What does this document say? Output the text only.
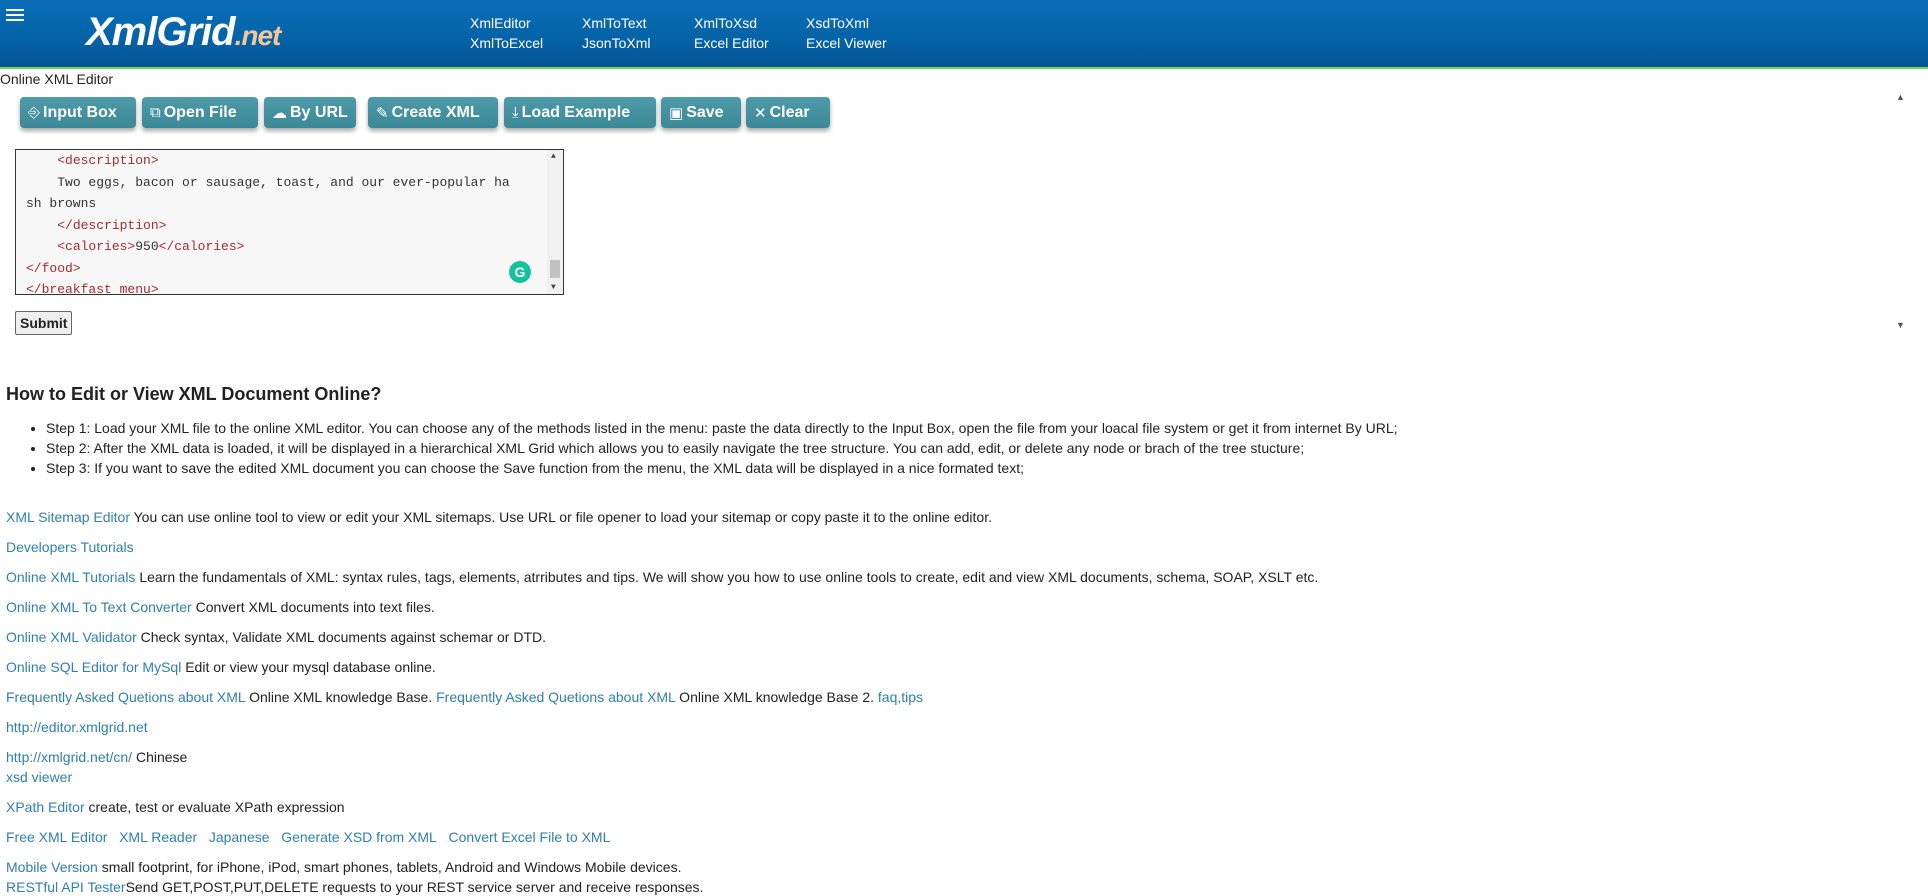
XmlGrid.net	XmlEditor
XmlToExcel
XmlToText
JsonToXml
XmlToXsd
Excel Editor
XsdToXml
Excel Viewer
Online XML Editor
▲
▼
⎆ Input Box ⧉ Open File ☁ By URL ✎ Create XML ⤓ Load Example	▣ Save ✕ Clear
<description>
Two eggs, bacon or sausage, toast, and our ever-popular ha
sh browns
</description>
<calories>950</calories>
</food>
</breakfast_menu>
▲
▼
G
Submit
How to Edit or View XML Document Online?
• Step 1: Load your XML file to the online XML editor. You can choose any of the methods listed in the menu: paste the data directly to the Input Box, open the file from your loacal file system or get it from internet By URL;
• Step 2: After the XML data is loaded, it will be displayed in a hierarchical XML Grid which allows you to easily navigate the tree structure. You can add, edit, or delete any node or brach of the tree stucture;
• Step 3: If you want to save the edited XML document you can choose the Save function from the menu, the XML data will be displayed in a nice formated text;
XML Sitemap Editor You can use online tool to view or edit your XML sitemaps. Use URL or file opener to load your sitemap or copy paste it to the online editor.
Developers Tutorials
Online XML Tutorials Learn the fundamentals of XML: syntax rules, tags, elements, atrributes and tips. We will show you how to use online tools to create, edit and view XML documents, schema, SOAP, XSLT etc.
Online XML To Text Converter Convert XML documents into text files.
Online XML Validator Check syntax, Validate XML documents against schemar or DTD.
Online SQL Editor for MySql Edit or view your mysql database online.
Frequently Asked Quetions about XML Online XML knowledge Base. Frequently Asked Quetions about XML Online XML knowledge Base 2. faq,tips
http://editor.xmlgrid.net
http://xmlgrid.net/cn/ Chinese
xsd viewer
XPath Editor create, test or evaluate XPath expression
Free XML Editor XML Reader Japanese Generate XSD from XML Convert Excel File to XML
Mobile Version small footprint, for iPhone, iPod, smart phones, tablets, Android and Windows Mobile devices.
RESTful API TesterSend GET,POST,PUT,DELETE requests to your REST service server and receive responses.
